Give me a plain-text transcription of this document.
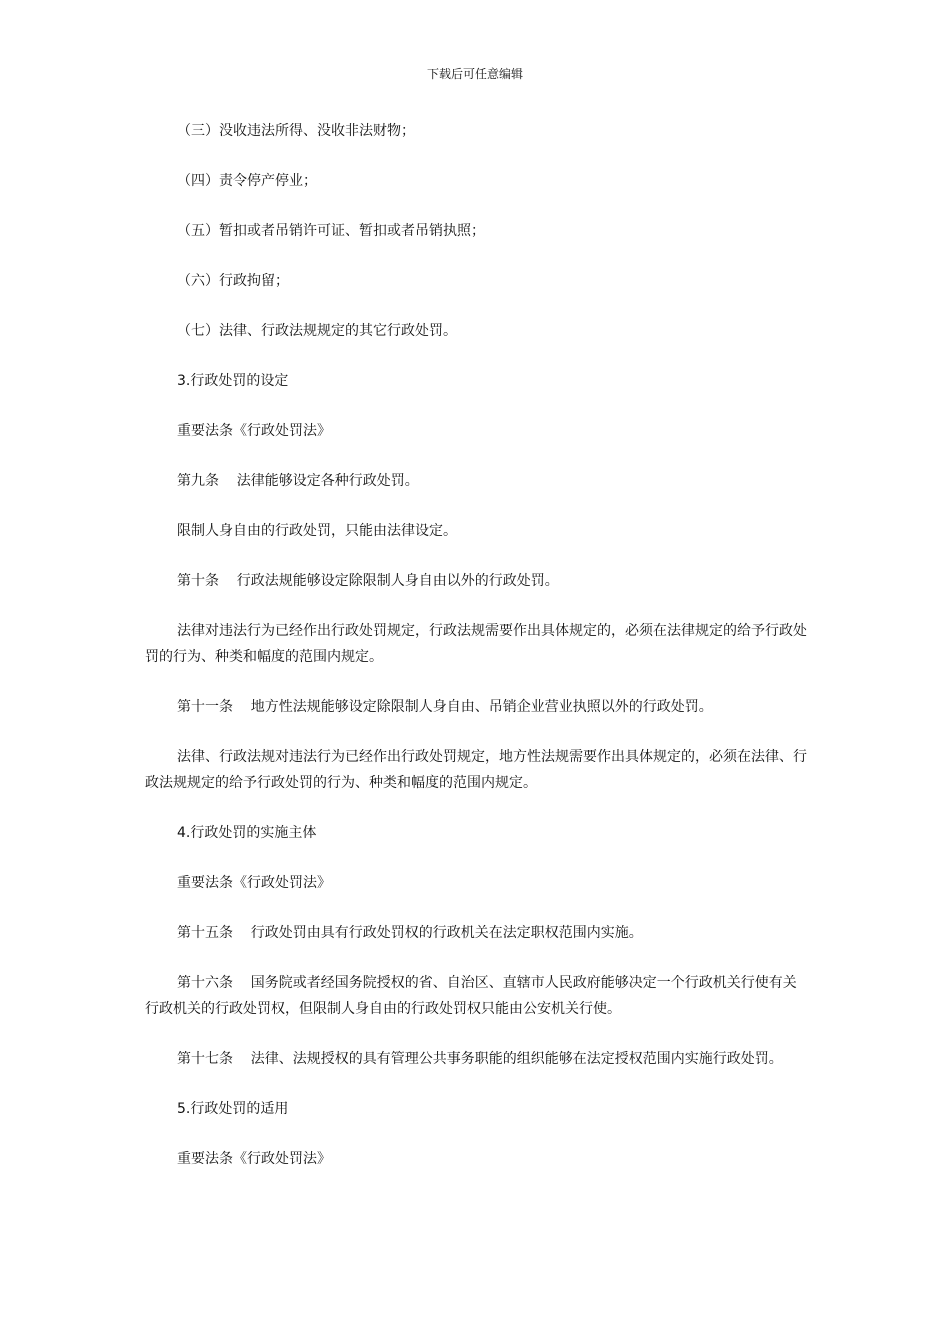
下载后可任意编辑

（三）没收违法所得、没收非法财物；

（四）责令停产停业；

（五）暂扣或者吊销许可证、暂扣或者吊销执照；

（六）行政拘留；

（七）法律、行政法规规定的其它行政处罚。

3.行政处罚的设定

重要法条《行政处罚法》

第九条    法律能够设定各种行政处罚。

限制人身自由的行政处罚，只能由法律设定。

第十条    行政法规能够设定除限制人身自由以外的行政处罚。

法律对违法行为已经作出行政处罚规定，行政法规需要作出具体规定的，必须在法律规定的给予行政处罚的行为、种类和幅度的范围内规定。

第十一条    地方性法规能够设定除限制人身自由、吊销企业营业执照以外的行政处罚。

法律、行政法规对违法行为已经作出行政处罚规定，地方性法规需要作出具体规定的，必须在法律、行政法规规定的给予行政处罚的行为、种类和幅度的范围内规定。

4.行政处罚的实施主体

重要法条《行政处罚法》

第十五条    行政处罚由具有行政处罚权的行政机关在法定职权范围内实施。

第十六条    国务院或者经国务院授权的省、自治区、直辖市人民政府能够决定一个行政机关行使有关行政机关的行政处罚权，但限制人身自由的行政处罚权只能由公安机关行使。

第十七条    法律、法规授权的具有管理公共事务职能的组织能够在法定授权范围内实施行政处罚。

5.行政处罚的适用

重要法条《行政处罚法》
